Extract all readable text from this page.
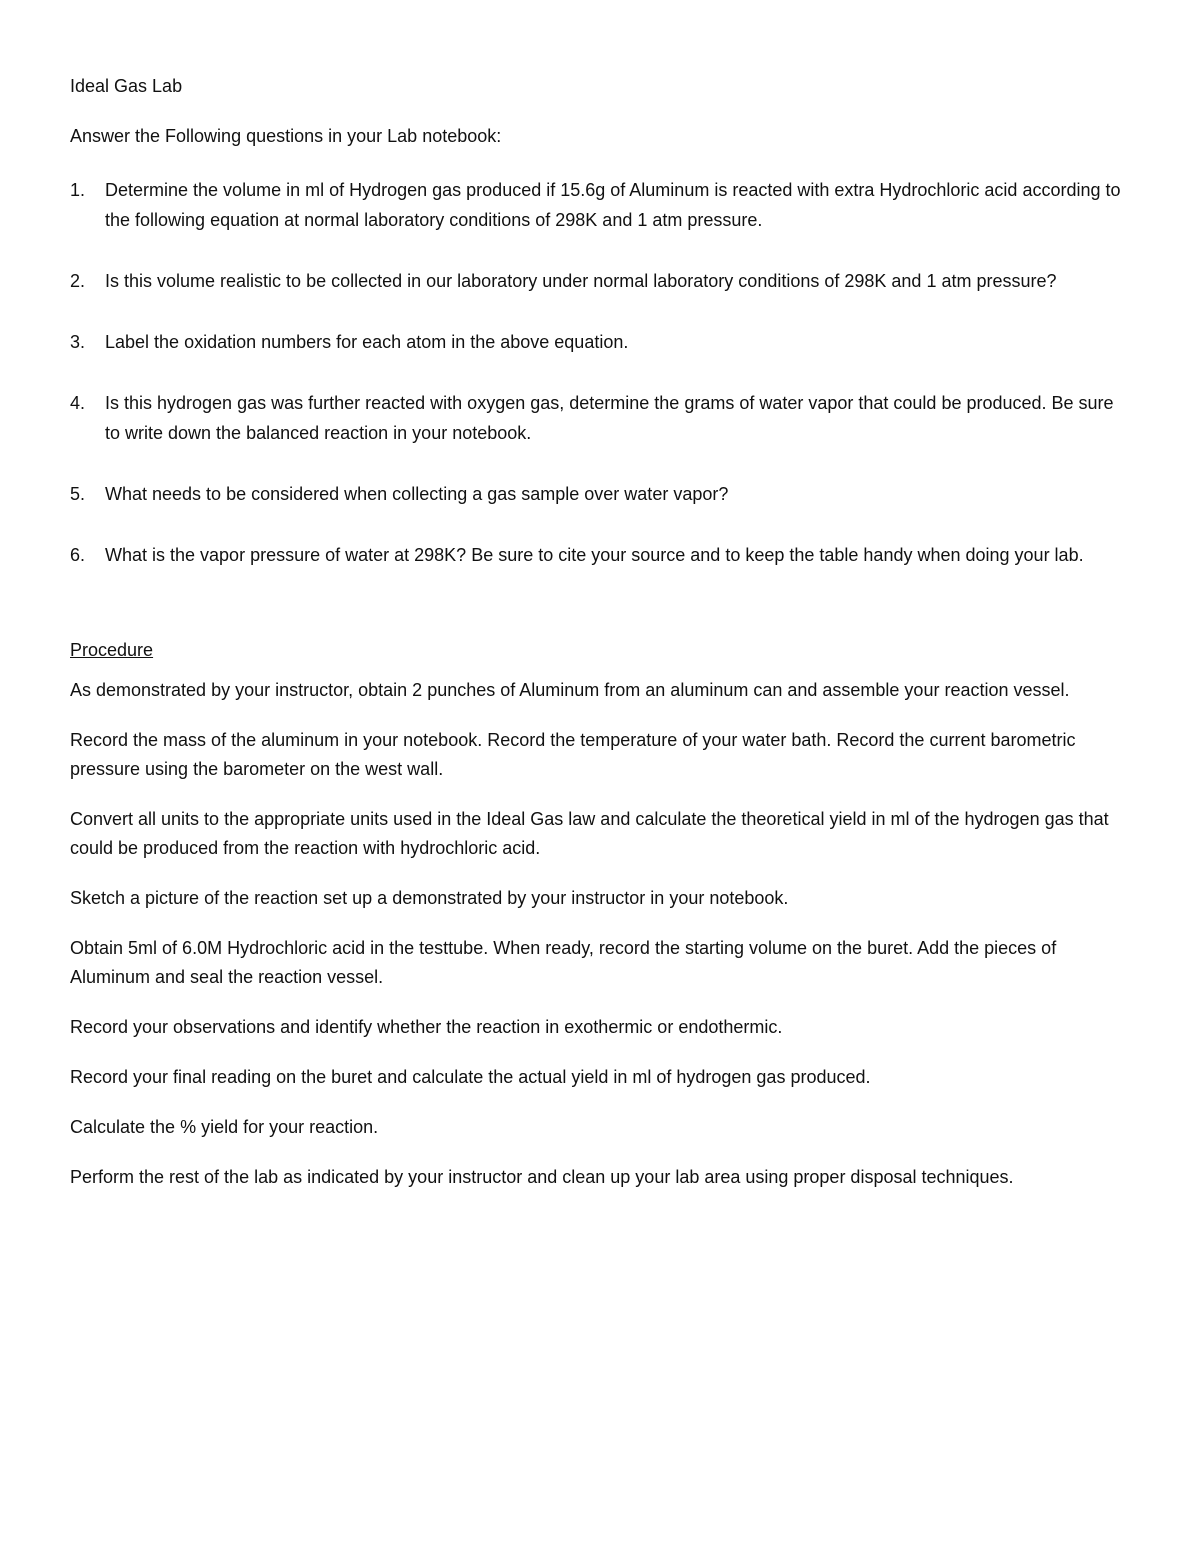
Ideal Gas Lab

Answer the Following questions in your Lab notebook:

1. Determine the volume in ml of Hydrogen gas produced if 15.6g of Aluminum is reacted with extra Hydrochloric acid according to the following equation at normal laboratory conditions of 298K and 1 atm pressure.
2. Is this volume realistic to be collected in our laboratory under normal laboratory conditions of 298K and 1 atm pressure?
3. Label the oxidation numbers for each atom in the above equation.
4. Is this hydrogen gas was further reacted with oxygen gas, determine the grams of water vapor that could be produced. Be sure to write down the balanced reaction in your notebook.
5. What needs to be considered when collecting a gas sample over water vapor?
6. What is the vapor pressure of water at 298K? Be sure to cite your source and to keep the table handy when doing your lab.
Procedure

As demonstrated by your instructor, obtain 2 punches of Aluminum from an aluminum can and assemble your reaction vessel.

Record the mass of the aluminum in your notebook. Record the temperature of your water bath. Record the current barometric pressure using the barometer on the west wall.

Convert all units to the appropriate units used in the Ideal Gas law and calculate the theoretical yield in ml of the hydrogen gas that could be produced from the reaction with hydrochloric acid.

Sketch a picture of the reaction set up a demonstrated by your instructor in your notebook.

Obtain 5ml of 6.0M Hydrochloric acid in the testtube. When ready, record the starting volume on the buret. Add the pieces of Aluminum and seal the reaction vessel.

Record your observations and identify whether the reaction in exothermic or endothermic.

Record your final reading on the buret and calculate the actual yield in ml of hydrogen gas produced.

Calculate the % yield for your reaction.

Perform the rest of the lab as indicated by your instructor and clean up your lab area using proper disposal techniques.
